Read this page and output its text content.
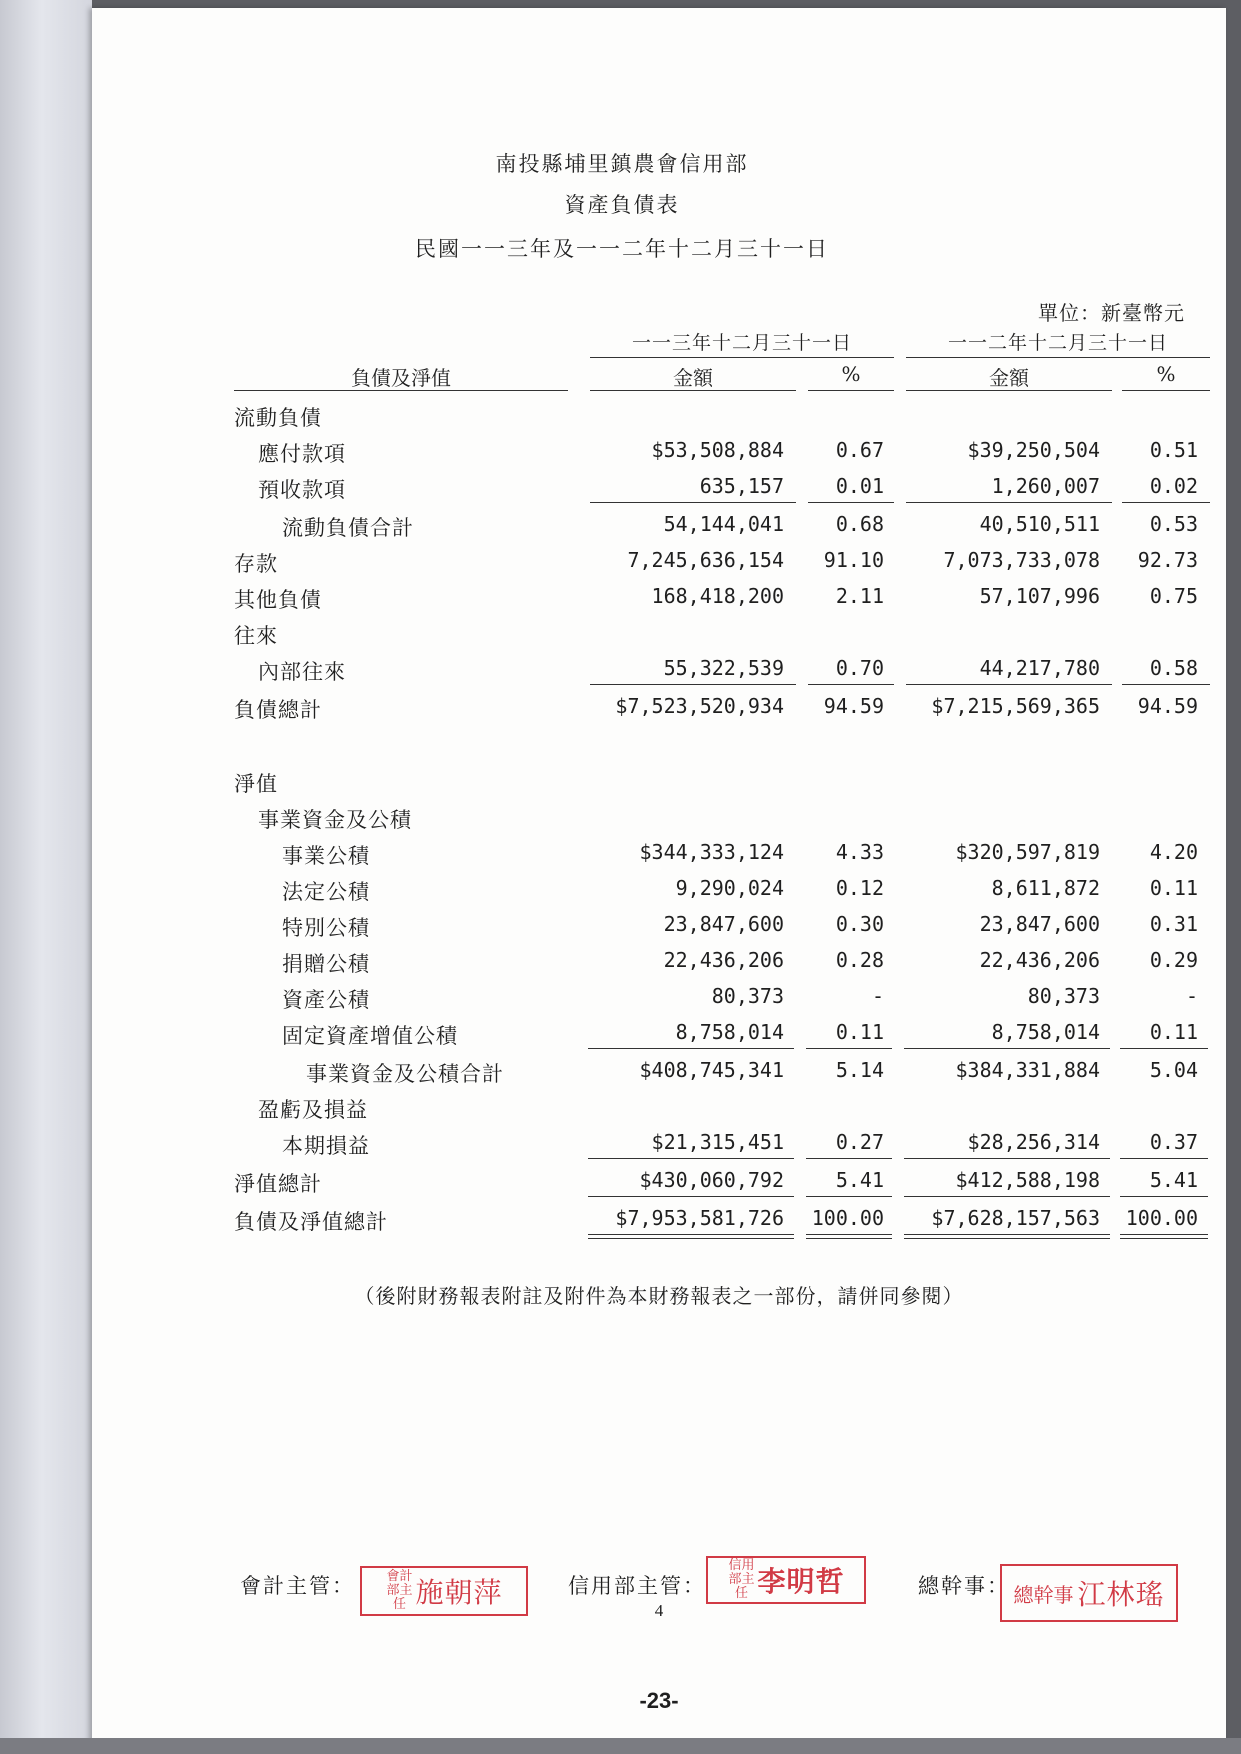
南投縣埔里鎮農會信用部
資產負債表
民國一一三年及一一二年十二月三十一日
單位：新臺幣元
一一三年十二月三十一日	一一二年十二月三十一日
負債及淨值	金額	%	金額	%
流動負債
應付款項	$53,508,884	0.67	$39,250,504	0.51
預收款項	635,157	0.01	1,260,007	0.02
流動負債合計	54,144,041	0.68	40,510,511	0.53
存款	7,245,636,154	91.10	7,073,733,078	92.73
其他負債	168,418,200	2.11	57,107,996	0.75
往來
內部往來	55,322,539	0.70	44,217,780	0.58
負債總計	$7,523,520,934	94.59	$7,215,569,365	94.59
淨值
事業資金及公積
事業公積	$344,333,124	4.33	$320,597,819	4.20
法定公積	9,290,024	0.12	8,611,872	0.11
特別公積	23,847,600	0.30	23,847,600	0.31
捐贈公積	22,436,206	0.28	22,436,206	0.29
資產公積	80,373	-	80,373	-
固定資產增值公積	8,758,014	0.11	8,758,014	0.11
事業資金及公積合計	$408,745,341	5.14	$384,331,884	5.04
盈虧及損益
本期損益	$21,315,451	0.27	$28,256,314	0.37
淨值總計	$430,060,792	5.41	$412,588,198	5.41
負債及淨值總計	$7,953,581,726 100.00	$7,628,157,563 100.00
（後附財務報表附註及附件為本財務報表之一部份，請併同參閱）
會計主管： 會計部主任 施朝萍	信用部主管：
信用部主任 李明哲	總幹事： 總幹事 江林瑤
4
-23-
